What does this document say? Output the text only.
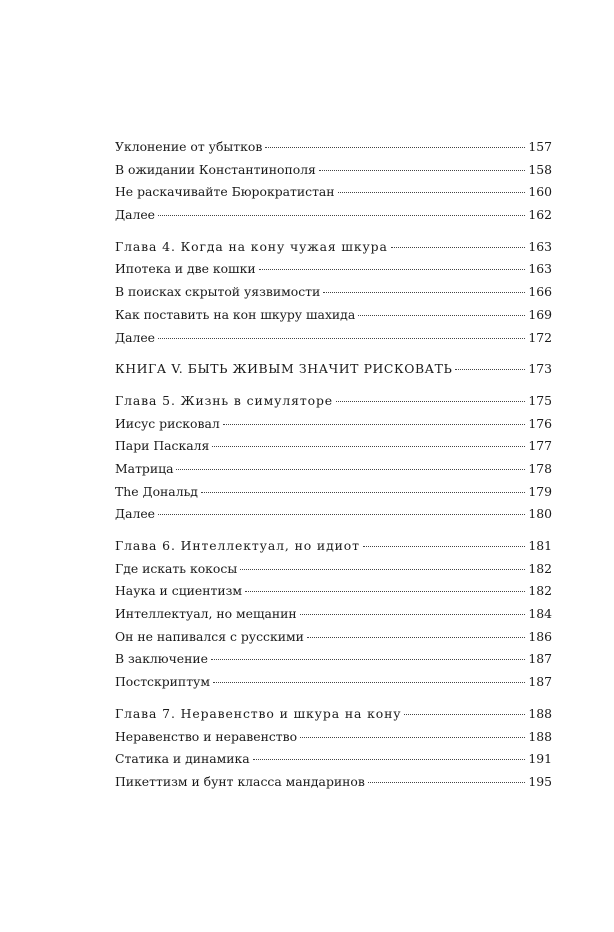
Уклонение от убытков	157
В ожидании Константинополя	158
Не раскачивайте Бюрократистан	160
Далее	162
Глава 4. Когда на кону чужая шкура	163
Ипотека и две кошки	163
В поисках скрытой уязвимости	166
Как поставить на кон шкуру шахида	169
Далее	172
КНИГА V. БЫТЬ ЖИВЫМ ЗНАЧИТ РИСКОВАТЬ	173
Глава 5. Жизнь в симуляторе	175
Иисус рисковал	176
Пари Паскаля	177
Матрица	178
The Дональд	179
Далее	180
Глава 6. Интеллектуал, но идиот	181
Где искать кокосы	182
Наука и сциентизм	182
Интеллектуал, но мещанин	184
Он не напивался с русскими	186
В заключение	187
Постскриптум	187
Глава 7. Неравенство и шкура на кону	188
Неравенство и неравенство	188
Статика и динамика	191
Пикеттизм и бунт класса мандаринов	195
